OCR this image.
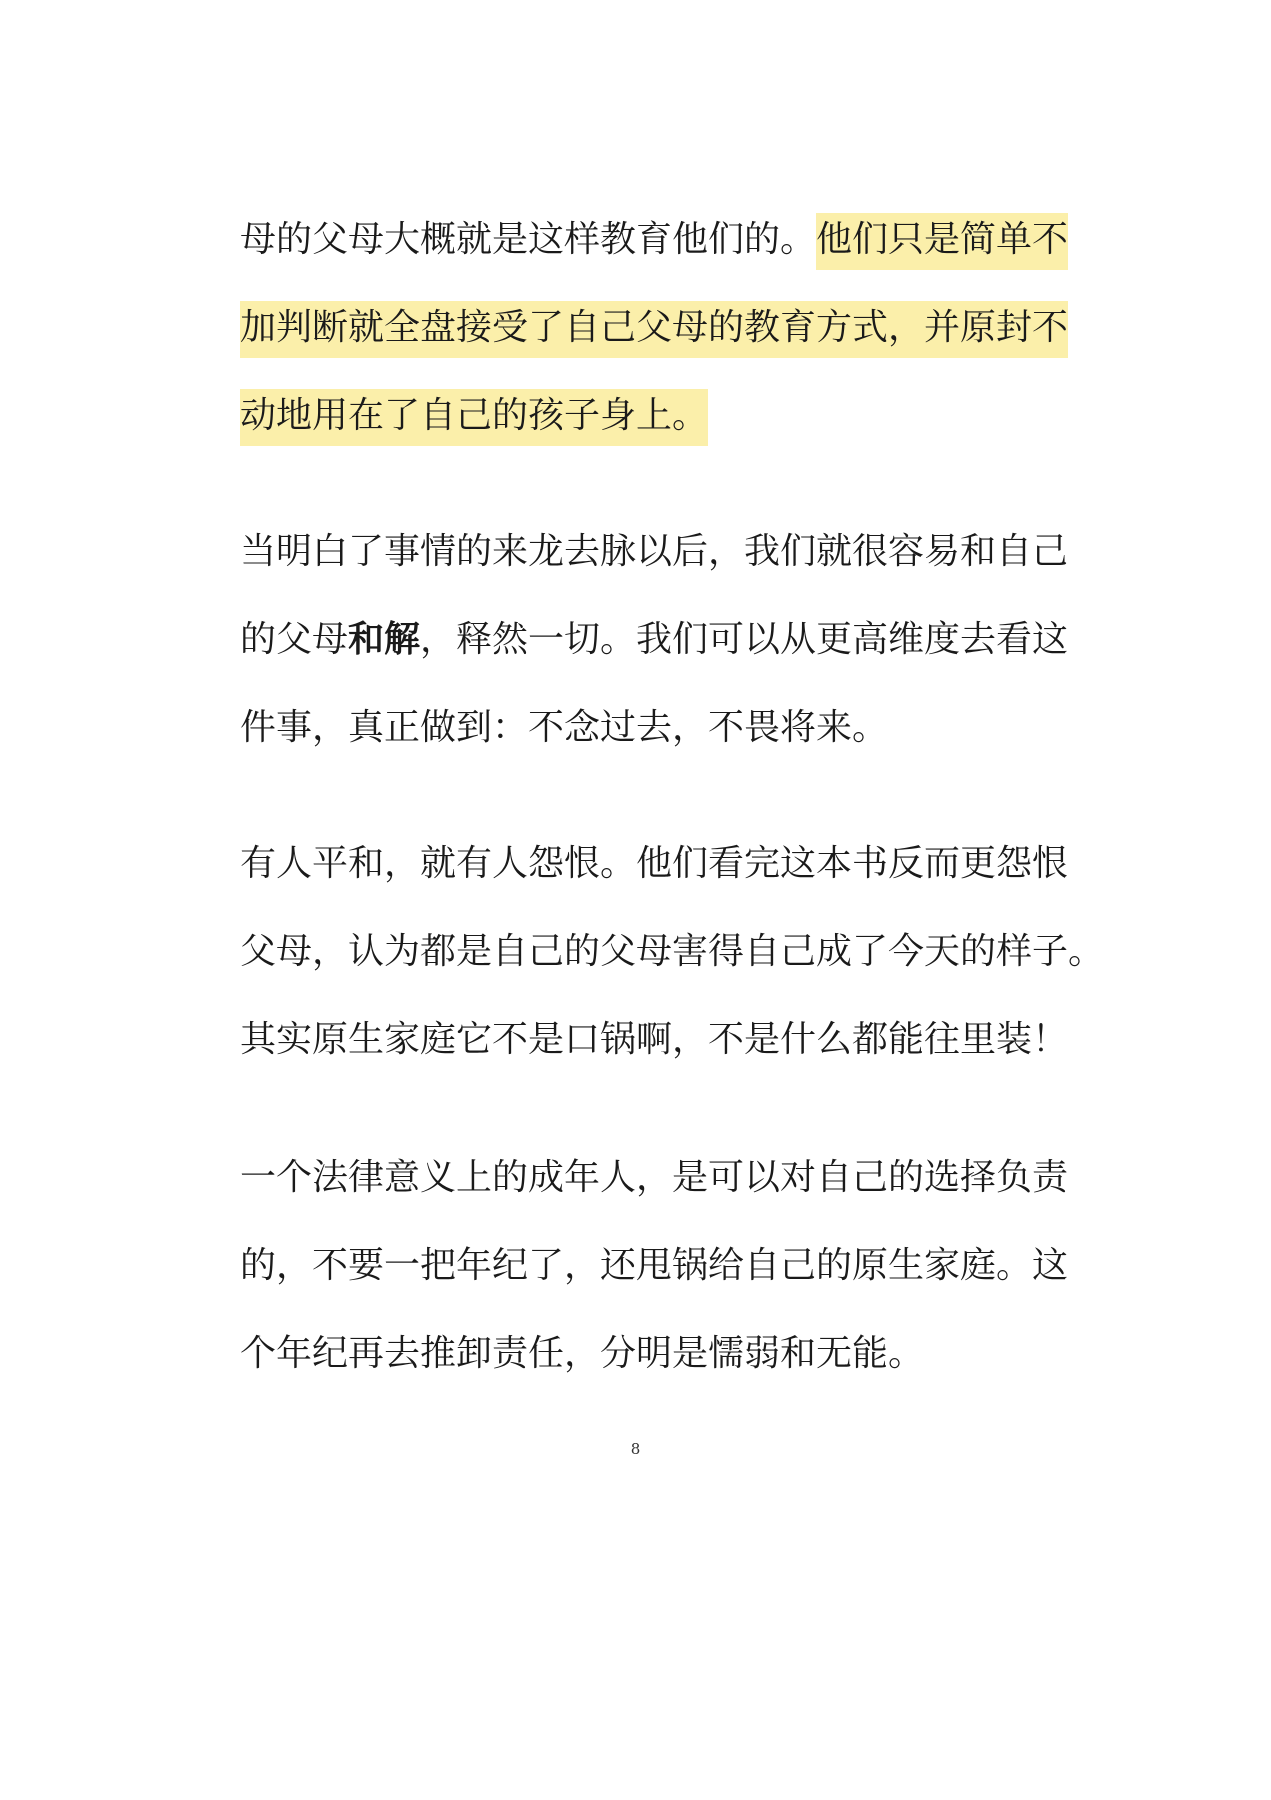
母的父母大概就是这样教育他们的。他们只是简单不
加判断就全盘接受了自己父母的教育方式，并原封不
动地用在了自己的孩子身上。
当明白了事情的来龙去脉以后，我们就很容易和自己
的父母和解，释然一切。我们可以从更高维度去看这
件事，真正做到：不念过去，不畏将来。
有人平和，就有人怨恨。他们看完这本书反而更怨恨
父母，认为都是自己的父母害得自己成了今天的样子。
其实原生家庭它不是口锅啊，不是什么都能往里装！
一个法律意义上的成年人，是可以对自己的选择负责
的，不要一把年纪了，还甩锅给自己的原生家庭。这
个年纪再去推卸责任，分明是懦弱和无能。
8
